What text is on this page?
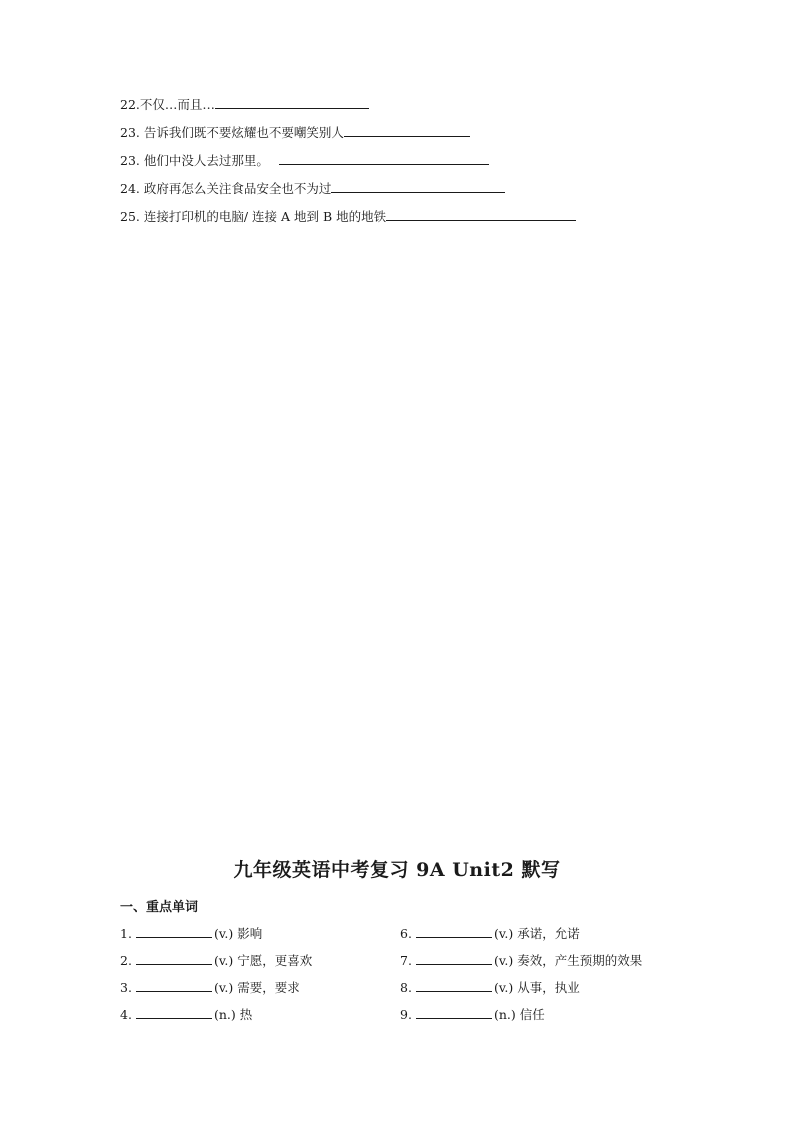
22.不仅…而且…
23. 告诉我们既不要炫耀也不要嘲笑别人
23. 他们中没人去过那里。
24. 政府再怎么关注食品安全也不为过
25. 连接打印机的电脑/ 连接 A 地到 B 地的地铁
九年级英语中考复习 9A Unit2 默写
一、重点单词
1.	(v.) 影响
2.	(v.) 宁愿，更喜欢
3.	(v.) 需要，要求
4.	(n.) 热
6.	(v.) 承诺，允诺
7.	(v.) 奏效，产生预期的效果
8.	(v.) 从事，执业
9.	(n.) 信任
